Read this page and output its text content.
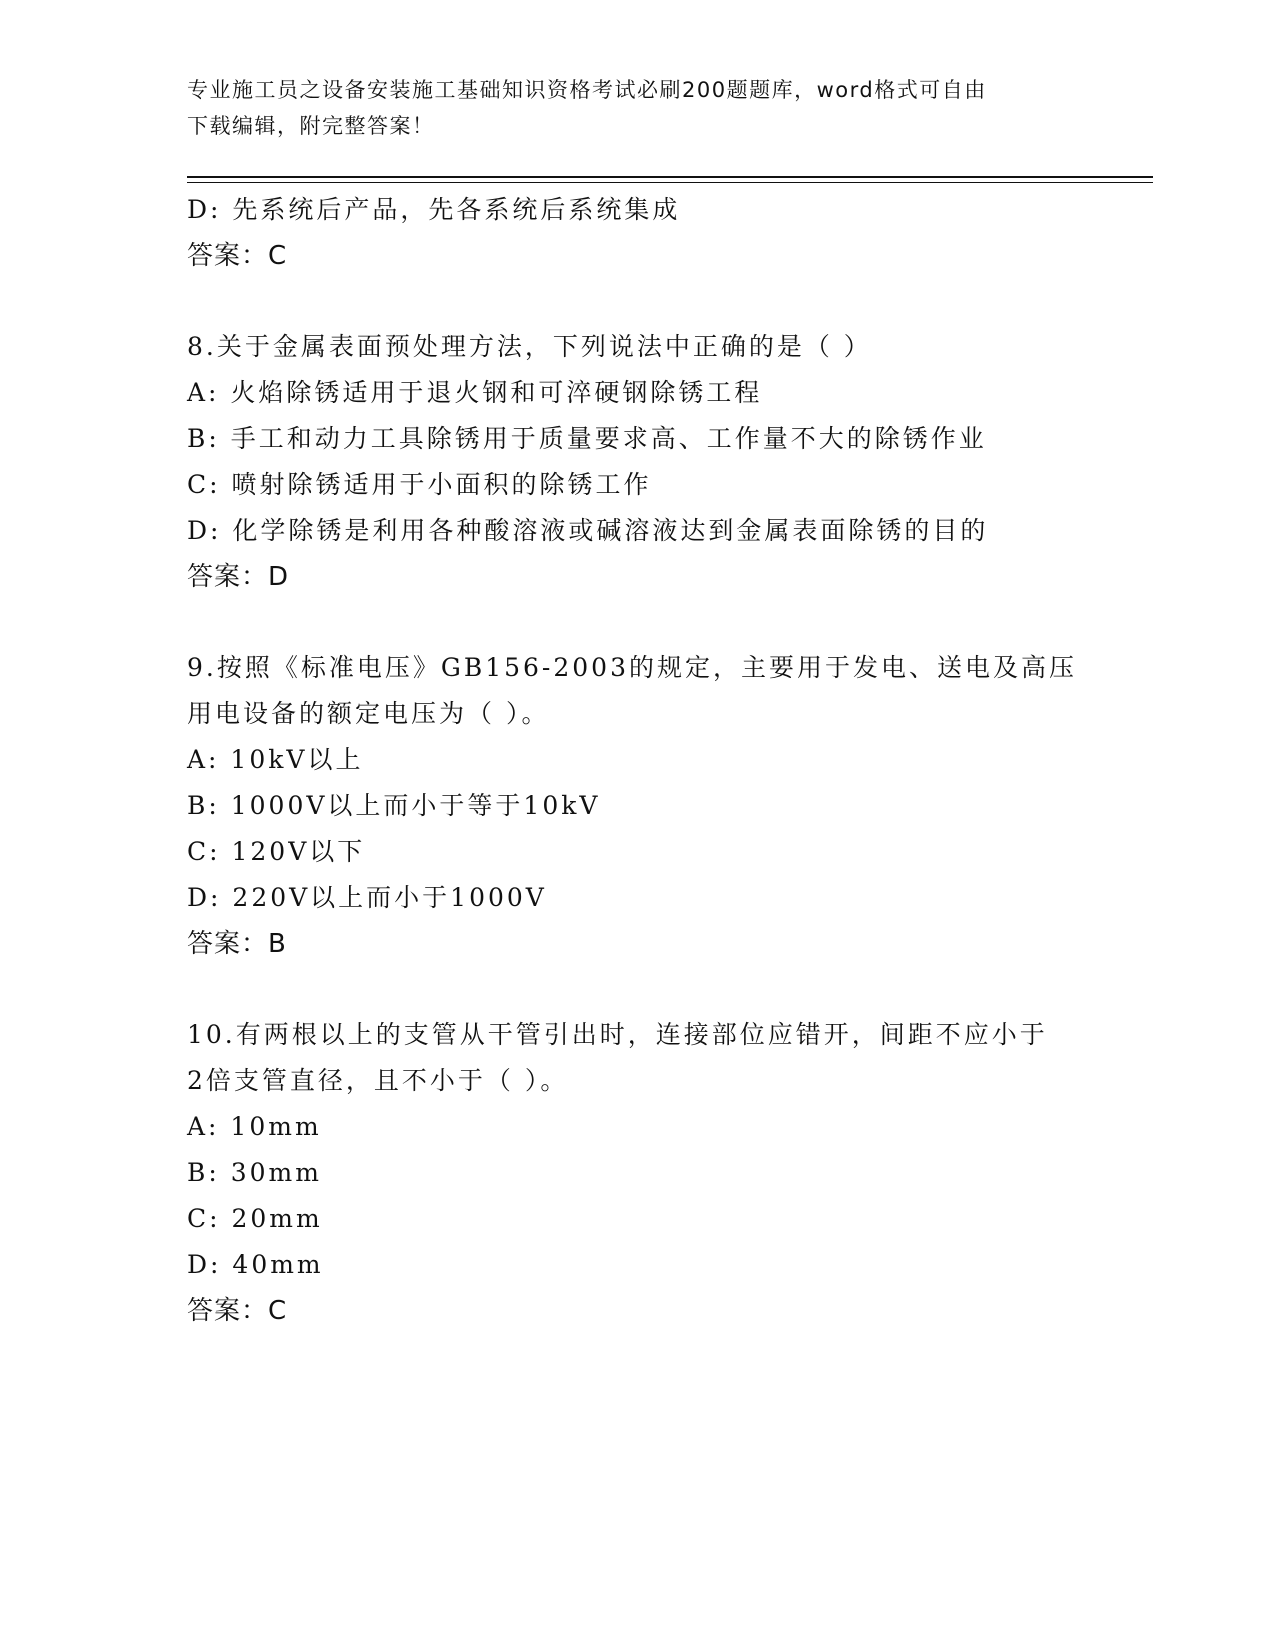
专业施工员之设备安装施工基础知识资格考试必刷200题题库，word格式可自由
下载编辑，附完整答案！
D: 先系统后产品，先各系统后系统集成
答案：C
8.关于金属表面预处理方法，下列说法中正确的是（ ）
A: 火焰除锈适用于退火钢和可淬硬钢除锈工程
B: 手工和动力工具除锈用于质量要求高、工作量不大的除锈作业
C: 喷射除锈适用于小面积的除锈工作
D: 化学除锈是利用各种酸溶液或碱溶液达到金属表面除锈的目的
答案：D
9.按照《标准电压》GB156-2003的规定，主要用于发电、送电及高压
用电设备的额定电压为（ ）。
A: 10kV以上
B: 1000V以上而小于等于10kV
C: 120V以下
D: 220V以上而小于1000V
答案：B
10.有两根以上的支管从干管引出时，连接部位应错开，间距不应小于
2倍支管直径，且不小于（ ）。
A: 10mm
B: 30mm
C: 20mm
D: 40mm
答案：C
